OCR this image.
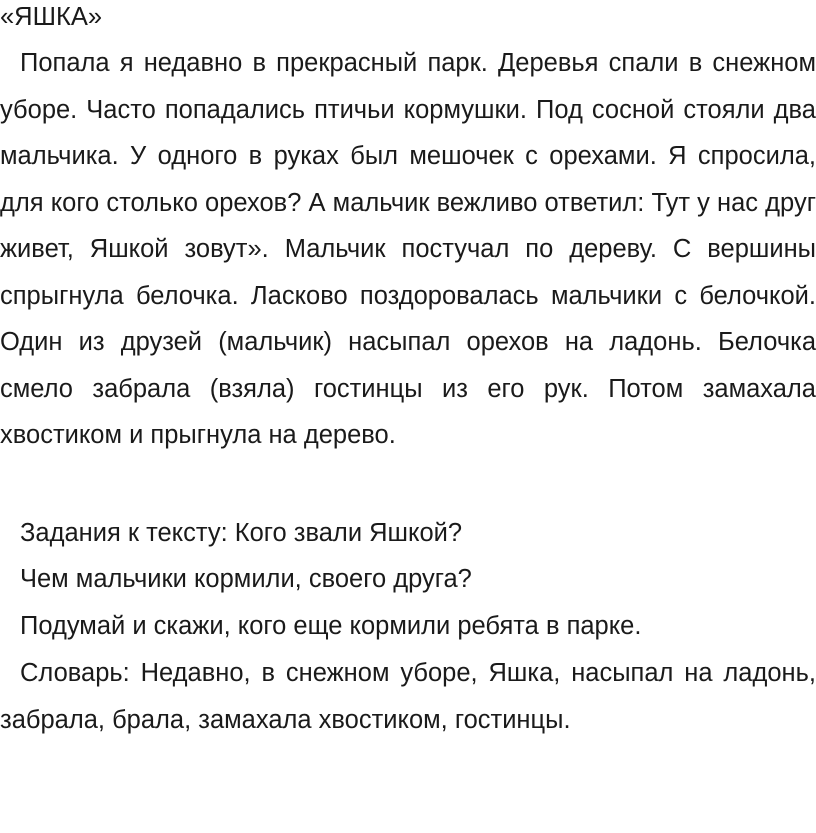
«ЯШКА»

Попала я недавно в прекрасный парк. Деревья спали в снежном уборе. Часто попадались птичьи кормушки. Под сосной стояли два мальчика. У одного в руках был мешочек с орехами. Я спросила, для кого столько орехов? А мальчик вежливо ответил: Тут у нас друг живет, Яшкой зовут». Мальчик постучал по дереву. С вершины спрыгнула белочка. Ласково поздоровалась мальчики с белочкой. Один из друзей (мальчик) насыпал орехов на ладонь. Белочка смело забрала (взяла) гостинцы из его рук. Потом замахала хвостиком и прыгнула на дерево.

Задания к тексту: Кого звали Яшкой?

Чем мальчики кормили, своего друга?

Подумай и скажи, кого еще кормили ребята в парке.

Словарь: Недавно, в снежном уборе, Яшка, насыпал на ладонь, забрала, брала, замахала хвостиком, гостинцы.
